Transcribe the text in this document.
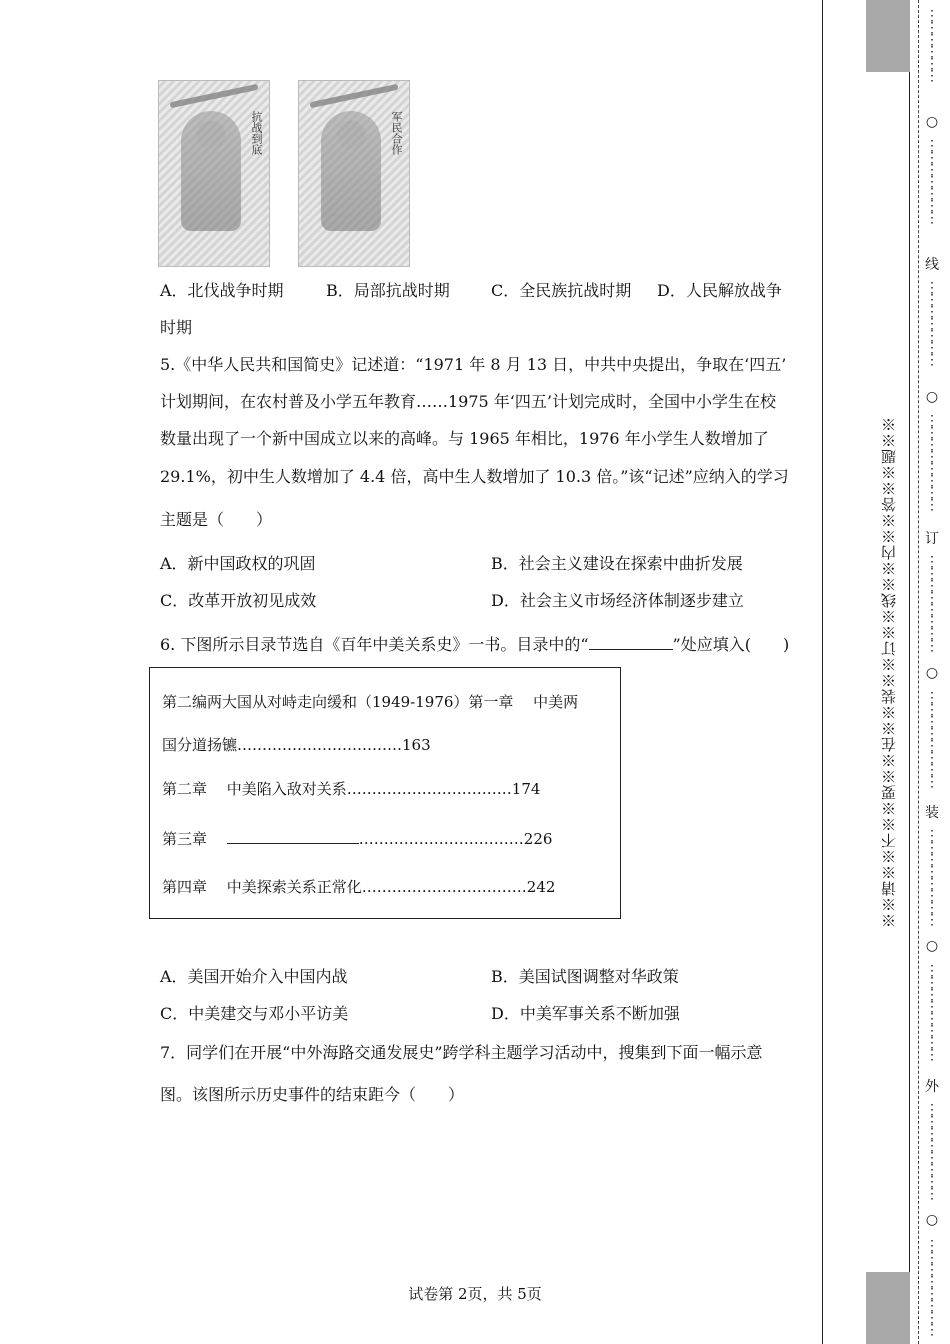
抗战到底	军民合作
A．北伐战争时期	B．局部抗战时期	C．全民族抗战时期 D．人民解放战争
时期
5.《中华人民共和国简史》记述道：“1971 年 8 月 13 日，中共中央提出，争取在‘四五’
计划期间，在农村普及小学五年教育……1975 年‘四五’计划完成时，全国中小学生在校
数量出现了一个新中国成立以来的高峰。与 1965 年相比，1976 年小学生人数增加了
29.1%，初中生人数增加了 4.4 倍，高中生人数增加了 10.3 倍。”该“记述”应纳入的学习
主题是（　　）
A．新中国政权的巩固	B．社会主义建设在探索中曲折发展
C．改革开放初见成效	D．社会主义市场经济体制逐步建立
6. 下图所示目录节选自《百年中美关系史》一书。目录中的“	”处应填入(　　)
第二编两大国从对峙走向缓和（1949-1976）第一章　 中美两
国分道扬镳……………………………163
第二章　 中美陷入敌对关系……………………………174
第三章　	……………………………226
第四章　 中美探索关系正常化……………………………242
A．美国开始介入中国内战	B．美国试图调整对华政策
C．中美建交与邓小平访美	D．中美军事关系不断加强
7．同学们在开展“中外海路交通发展史”跨学科主题学习活动中，搜集到下面一幅示意
图。该图所示历史事件的结束距今（　　）
试卷第 2页，共 5页
※※请※※不※※要※※在※※装※※订※※线※※内※※答※※题※※
⋮
⋮
⋮
⋮
⋮
⋮
○
⋮
⋮
⋮
⋮
⋮
⋮
⋮
线
⋮
⋮
⋮
⋮
⋮
⋮
⋮
○
⋮
⋮
⋮
⋮
⋮
⋮
⋮
⋮
订
⋮
⋮
⋮
⋮
⋮
⋮
⋮
⋮
○
⋮
⋮
⋮
⋮
⋮
⋮
⋮
⋮
装
⋮
⋮
⋮
⋮
⋮
⋮
⋮
⋮
○
⋮
⋮
⋮
⋮
⋮
⋮
⋮
⋮
外
⋮
⋮
⋮
⋮
⋮
⋮
⋮
⋮
○
⋮
⋮
⋮
⋮
⋮
⋮
⋮
⋮
